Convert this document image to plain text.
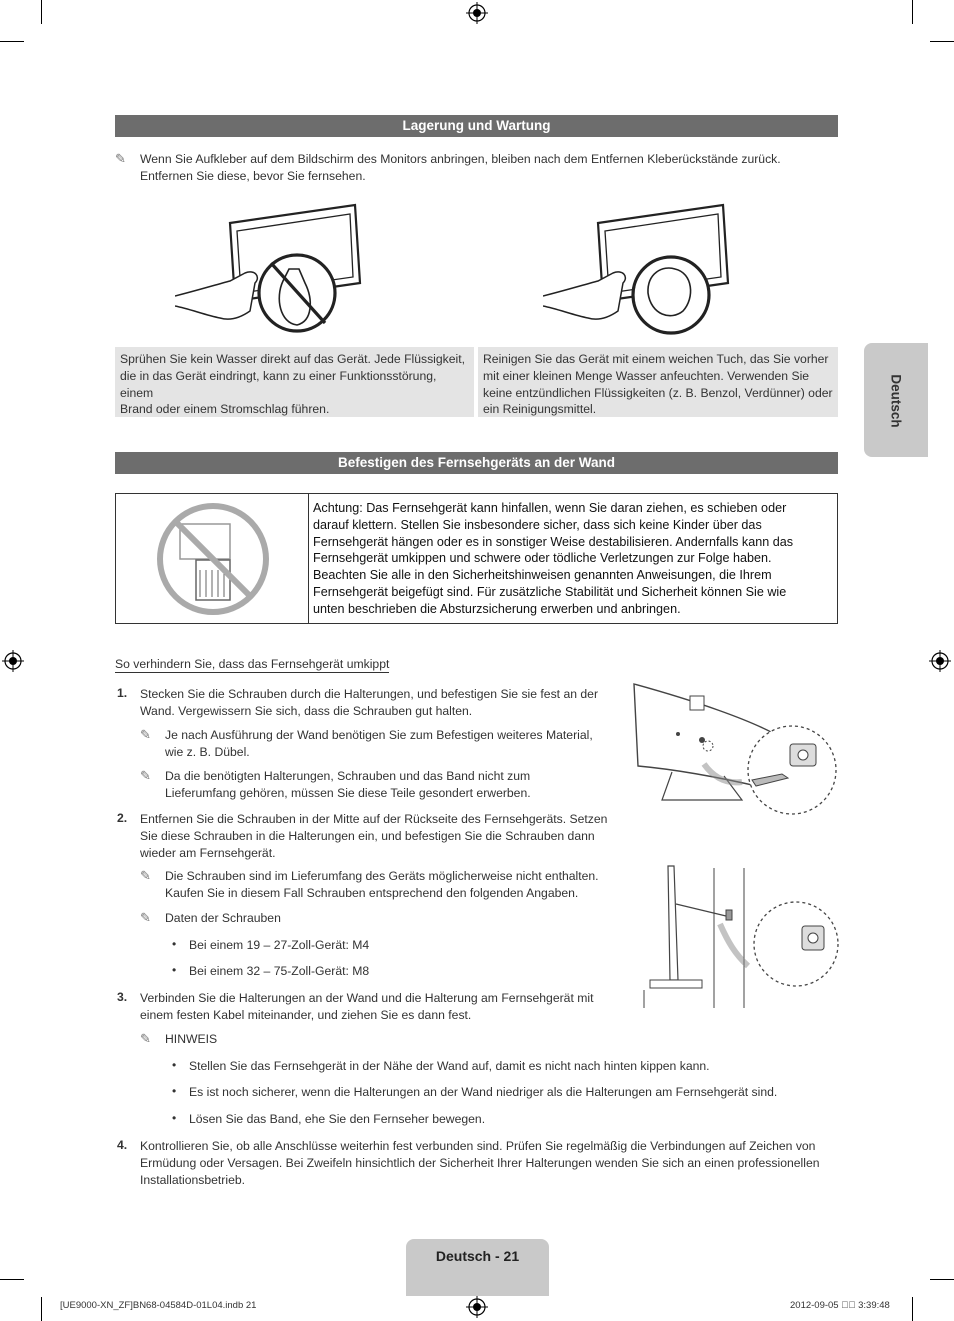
Deutsch
Lagerung und Wartung
✎ Wenn Sie Aufkleber auf dem Bildschirm des Monitors anbringen, bleiben nach dem Entfernen Kleberückstände zurück.
Entfernen Sie diese, bevor Sie fernsehen.
Sprühen Sie kein Wasser direkt auf das Gerät. Jede Flüssigkeit,
die in das Gerät eindringt, kann zu einer Funktionsstörung, einem
Brand oder einem Stromschlag führen.
Reinigen Sie das Gerät mit einem weichen Tuch, das Sie vorher
mit einer kleinen Menge Wasser anfeuchten. Verwenden Sie
keine entzündlichen Flüssigkeiten (z. B. Benzol, Verdünner) oder
ein Reinigungsmittel.
Befestigen des Fernsehgeräts an der Wand
Achtung: Das Fernsehgerät kann hinfallen, wenn Sie daran ziehen, es schieben oder
darauf klettern. Stellen Sie insbesondere sicher, dass sich keine Kinder über das
Fernsehgerät hängen oder es in sonstiger Weise destabilisieren. Andernfalls kann das
Fernsehgerät umkippen und schwere oder tödliche Verletzungen zur Folge haben.
Beachten Sie alle in den Sicherheitshinweisen genannten Anweisungen, die Ihrem
Fernsehgerät beigefügt sind. Für zusätzliche Stabilität und Sicherheit können Sie wie
unten beschrieben die Absturzsicherung erwerben und anbringen.
So verhindern Sie, dass das Fernsehgerät umkippt
1. Stecken Sie die Schrauben durch die Halterungen, und befestigen Sie sie fest an der
Wand. Vergewissern Sie sich, dass die Schrauben gut halten.
✎ Je nach Ausführung der Wand benötigen Sie zum Befestigen weiteres Material,
wie z. B. Dübel.
✎ Da die benötigten Halterungen, Schrauben und das Band nicht zum
Lieferumfang gehören, müssen Sie diese Teile gesondert erwerben.
2. Entfernen Sie die Schrauben in der Mitte auf der Rückseite des Fernsehgeräts. Setzen
Sie diese Schrauben in die Halterungen ein, und befestigen Sie die Schrauben dann
wieder am Fernsehgerät.
✎ Die Schrauben sind im Lieferumfang des Geräts möglicherweise nicht enthalten.
Kaufen Sie in diesem Fall Schrauben entsprechend den folgenden Angaben.
✎ Daten der Schrauben
• Bei einem 19 – 27-Zoll-Gerät: M4
• Bei einem 32 – 75-Zoll-Gerät: M8
3. Verbinden Sie die Halterungen an der Wand und die Halterung am Fernsehgerät mit
einem festen Kabel miteinander, und ziehen Sie es dann fest.
✎ HINWEIS
• Stellen Sie das Fernsehgerät in der Nähe der Wand auf, damit es nicht nach hinten kippen kann.
• Es ist noch sicherer, wenn die Halterungen an der Wand niedriger als die Halterungen am Fernsehgerät sind.
• Lösen Sie das Band, ehe Sie den Fernseher bewegen.
4. Kontrollieren Sie, ob alle Anschlüsse weiterhin fest verbunden sind. Prüfen Sie regelmäßig die Verbindungen auf Zeichen von
Ermüdung oder Versagen. Bei Zweifeln hinsichtlich der Sicherheit Ihrer Halterungen wenden Sie sich an einen professionellen
Installationsbetrieb.
Deutsch - 21
[UE9000-XN_ZF]BN68-04584D-01L04.indb 21	2012-09-05 ￿￿ 3:39:48
